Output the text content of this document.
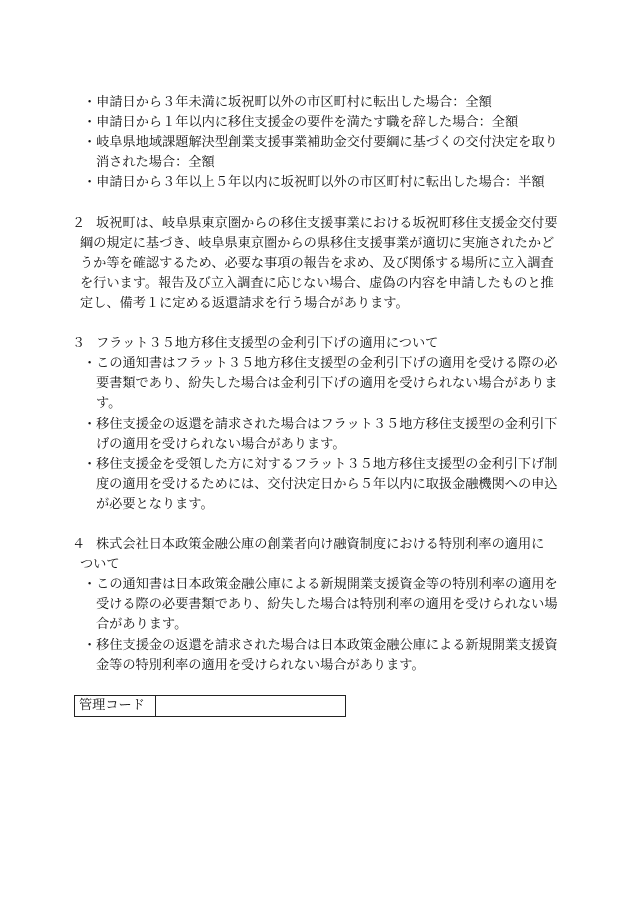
・申請日から３年未満に坂祝町以外の市区町村に転出した場合：全額
・申請日から１年以内に移住支援金の要件を満たす職を辞した場合：全額
・岐阜県地域課題解決型創業支援事業補助金交付要綱に基づくの交付決定を取り
消された場合：全額
・申請日から３年以上５年以内に坂祝町以外の市区町村に転出した場合：半額
２ 坂祝町は、岐阜県東京圏からの移住支援事業における坂祝町移住支援金交付要
綱の規定に基づき、岐阜県東京圏からの県移住支援事業が適切に実施されたかど
うか等を確認するため、必要な事項の報告を求め、及び関係する場所に立入調査
を行います。報告及び立入調査に応じない場合、虚偽の内容を申請したものと推
定し、備考１に定める返還請求を行う場合があります。
３ フラット３５地方移住支援型の金利引下げの適用について
・この通知書はフラット３５地方移住支援型の金利引下げの適用を受ける際の必
要書類であり、紛失した場合は金利引下げの適用を受けられない場合がありま
す。
・移住支援金の返還を請求された場合はフラット３５地方移住支援型の金利引下
げの適用を受けられない場合があります。
・移住支援金を受領した方に対するフラット３５地方移住支援型の金利引下げ制
度の適用を受けるためには、交付決定日から５年以内に取扱金融機関への申込
が必要となります。
４ 株式会社日本政策金融公庫の創業者向け融資制度における特別利率の適用に
ついて
・この通知書は日本政策金融公庫による新規開業支援資金等の特別利率の適用を
受ける際の必要書類であり、紛失した場合は特別利率の適用を受けられない場
合があります。
・移住支援金の返還を請求された場合は日本政策金融公庫による新規開業支援資
金等の特別利率の適用を受けられない場合があります。
管理コード
